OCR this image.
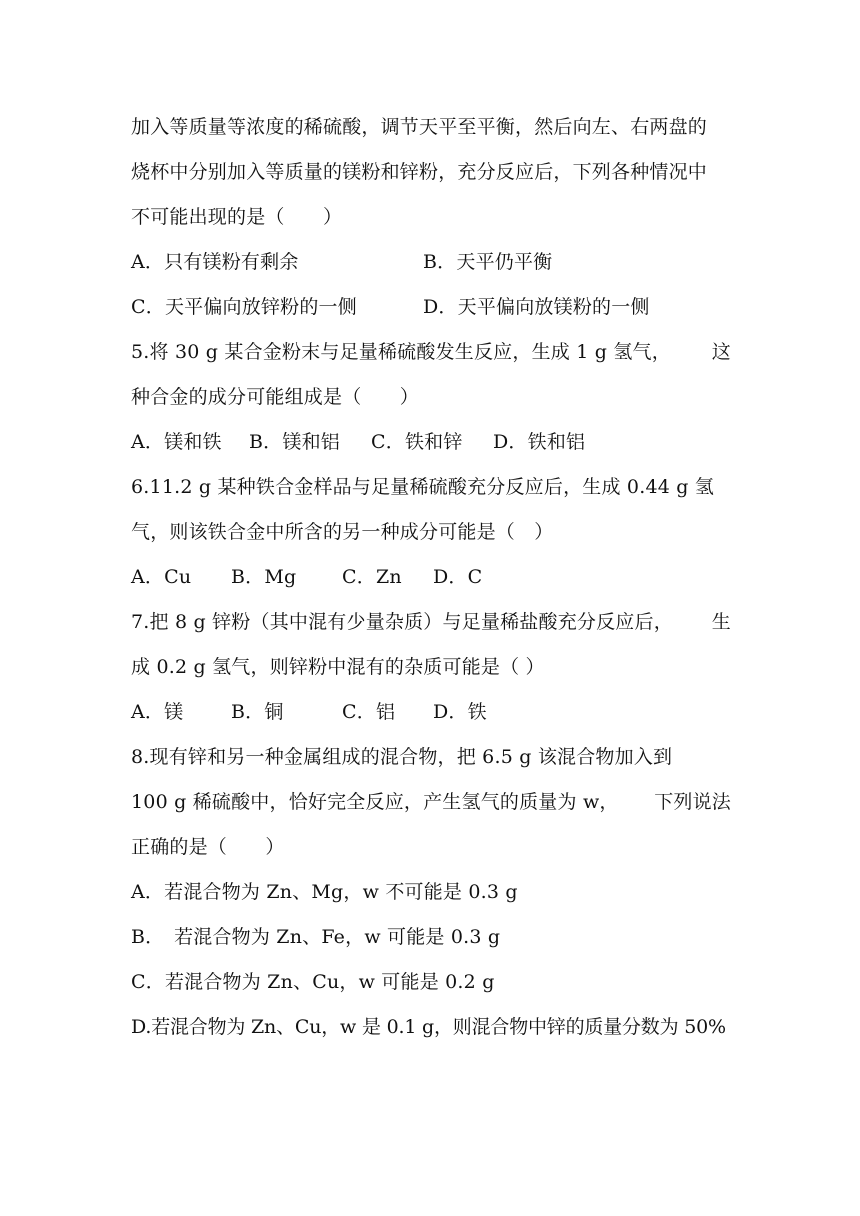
加入等质量等浓度的稀硫酸，调节天平至平衡，然后向左、右两盘的
烧杯中分别加入等质量的镁粉和锌粉，充分反应后，下列各种情况中
不可能出现的是（　　）
A．只有镁粉有剩余	B．天平仍平衡
C．天平偏向放锌粉的一侧	D．天平偏向放镁粉的一侧
5.将 30 g 某合金粉末与足量稀硫酸发生反应，生成 1 g 氢气， 这
种合金的成分可能组成是（　　）
A．镁和铁 B．镁和铝 C．铁和锌 D．铁和铝
6.11.2 g 某种铁合金样品与足量稀硫酸充分反应后，生成 0.44 g 氢
气，则该铁合金中所含的另一种成分可能是（　）
A．Cu B．Mg C．Zn D．C
7.把 8 g 锌粉（其中混有少量杂质）与足量稀盐酸充分反应后， 生
成 0.2 g 氢气，则锌粉中混有的杂质可能是（ ）
A．镁	B．铜	C．铝 D．铁
8.现有锌和另一种金属组成的混合物，把 6.5 g 该混合物加入到
100 g 稀硫酸中，恰好完全反应，产生氢气的质量为 w， 下列说法
正确的是（　　）
A．若混合物为 Zn、Mg，w 不可能是 0.3 g
B．　若混合物为 Zn、Fe，w 可能是 0.3 g
C．若混合物为 Zn、Cu，w 可能是 0.2 g
D.若混合物为 Zn、Cu，w 是 0.1 g，则混合物中锌的质量分数为 50%
